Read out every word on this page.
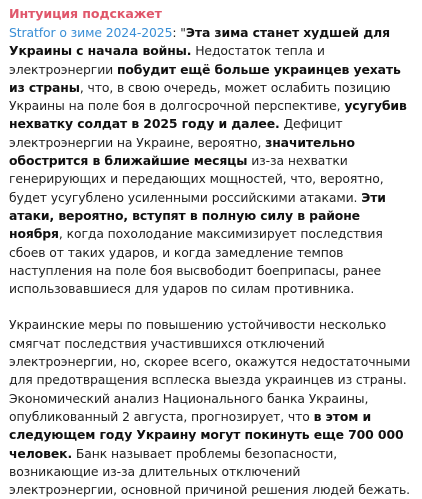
Интуиция подскажет

Stratfor о зиме 2024-2025: "Эта зима станет худшей для Украины с начала войны. Недостаток тепла и электроэнергии побудит ещё больше украинцев уехать из страны, что, в свою очередь, может ослабить позицию Украины на поле боя в долгосрочной перспективе, усугубив нехватку солдат в 2025 году и далее. Дефицит электроэнергии на Украине, вероятно, значительно обострится в ближайшие месяцы из-за нехватки генерирующих и передающих мощностей, что, вероятно, будет усугублено усиленными российскими атаками. Эти атаки, вероятно, вступят в полную силу в районе ноября, когда похолодание максимизирует последствия сбоев от таких ударов, и когда замедление темпов наступления на поле боя высвободит боеприпасы, ранее использовавшиеся для ударов по силам противника.

Украинские меры по повышению устойчивости несколько смягчат последствия участившихся отключений электроэнергии, но, скорее всего, окажутся недостаточными для предотвращения всплеска выезда украинцев из страны. Экономический анализ Национального банка Украины, опубликованный 2 августа, прогнозирует, что в этом и следующем году Украину могут покинуть еще 700 000 человек. Банк называет проблемы безопасности, возникающие из-за длительных отключений электроэнергии, основной причиной решения людей бежать.
